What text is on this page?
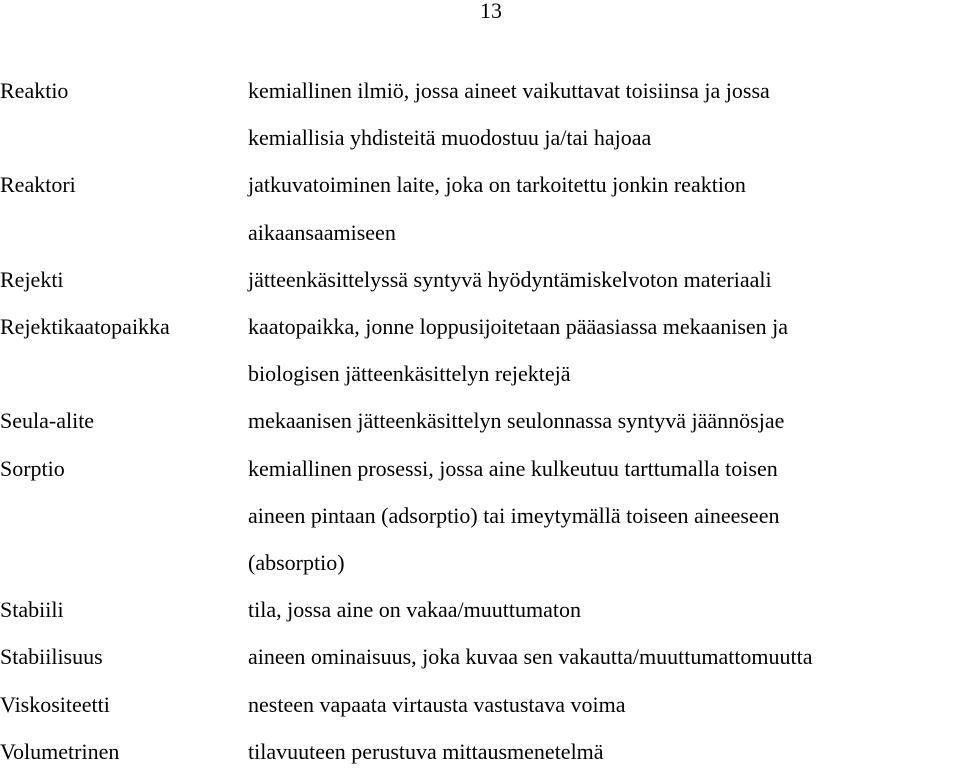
13
Reaktio	kemiallinen ilmiö, jossa aineet vaikuttavat toisiinsa ja jossa
kemiallisia yhdisteitä muodostuu ja/tai hajoaa
Reaktori	jatkuvatoiminen laite, joka on tarkoitettu jonkin reaktion
aikaansaamiseen
Rejekti	jätteenkäsittelyssä syntyvä hyödyntämiskelvoton materiaali
Rejektikaatopaikka	kaatopaikka, jonne loppusijoitetaan pääasiassa mekaanisen ja
biologisen jätteenkäsittelyn rejektejä
Seula-alite	mekaanisen jätteenkäsittelyn seulonnassa syntyvä jäännösjae
Sorptio	kemiallinen prosessi, jossa aine kulkeutuu tarttumalla toisen
aineen pintaan (adsorptio) tai imeytymällä toiseen aineeseen
(absorptio)
Stabiili	tila, jossa aine on vakaa/muuttumaton
Stabiilisuus	aineen ominaisuus, joka kuvaa sen vakautta/muuttumattomuutta
Viskositeetti	nesteen vapaata virtausta vastustava voima
Volumetrinen	tilavuuteen perustuva mittausmenetelmä
